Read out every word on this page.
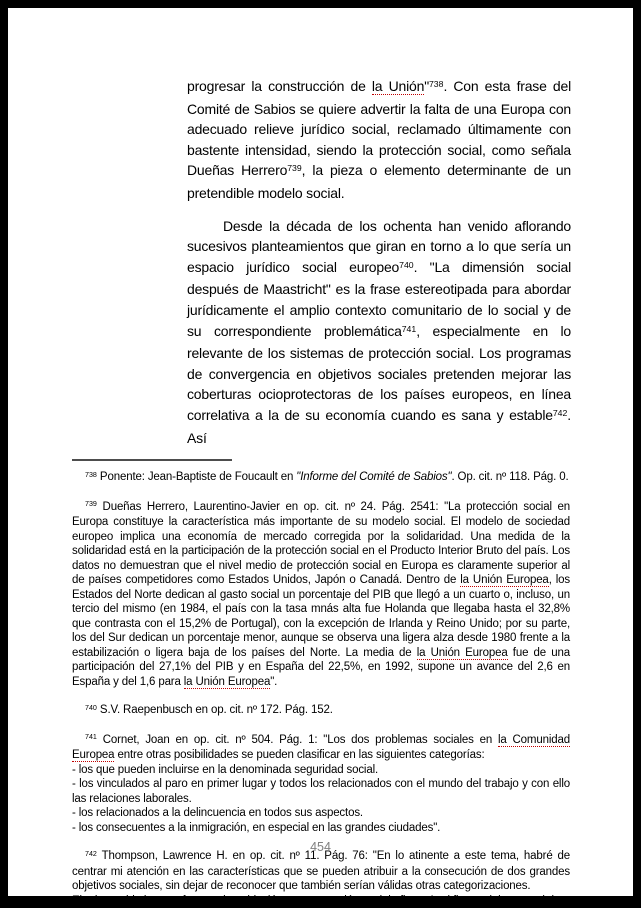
progresar la construcción de la Unión"$^{738}$. Con esta frase del Comité de Sabios se quiere advertir la falta de una Europa con adecuado relieve jurídico social, reclamado últimamente con bastente intensidad, siendo la protección social, como señala Dueñas Herrero$^{739}$, la pieza o elemento determinante de un pretendible modelo social.

Desde la década de los ochenta han venido aflorando sucesivos planteamientos que giran en torno a lo que sería un espacio jurídico social europeo$^{740}$. "La dimensión social después de Maastricht" es la frase estereotipada para abordar jurídicamente el amplio contexto comunitario de lo social y de su correspondiente problemática$^{741}$, especialmente en lo relevante de los sistemas de protección social. Los programas de convergencia en objetivos sociales pretenden mejorar las coberturas ocioprotectoras de los países europeos, en línea correlativa a la de su economía cuando es sana y estable$^{742}$. Así

$^{738}$ Ponente: Jean-Baptiste de Foucault en "Informe del Comité de Sabios". Op. cit. nº 118. Pág. 0.

$^{739}$ Dueñas Herrero, Laurentino-Javier en op. cit. nº 24. Pág. 2541: "La protección social en Europa constituye la característica más importante de su modelo social. El modelo de sociedad europeo implica una economía de mercado corregida por la solidaridad. Una medida de la solidaridad está en la participación de la protección social en el Producto Interior Bruto del país. Los datos no demuestran que el nivel medio de protección social en Europa es claramente superior al de países competidores como Estados Unidos, Japón o Canadá. Dentro de la Unión Europea, los Estados del Norte dedican al gasto social un porcentaje del PIB que llegó a un cuarto o, incluso, un tercio del mismo (en 1984, el país con la tasa mnás alta fue Holanda que llegaba hasta el 32,8% que contrasta con el 15,2% de Portugal), con la excepción de Irlanda y Reino Unido; por su parte, los del Sur dedican un porcentaje menor, aunque se observa una ligera alza desde 1980 frente a la estabilización o ligera baja de los países del Norte. La media de la Unión Europea fue de una participación del 27,1% del PIB y en España del 22,5%, en 1992, supone un avance del 2,6 en España y del 1,6 para la Unión Europea".

$^{740}$ S.V. Raepenbusch en op. cit. nº 172. Pág. 152.

$^{741}$ Cornet, Joan en op. cit. nº 504. Pág. 1: "Los dos problemas sociales en la Comunidad Europea entre otras posibilidades se pueden clasificar en las siguientes categorías:
- los que pueden incluirse en la denominada seguridad social.
- los vinculados al paro en primer lugar y todos los relacionados con el mundo del trabajo y con ello las relaciones laborales.
- los relacionados a la delincuencia en todos sus aspectos.
- los consecuentes a la inmigración, en especial en las grandes ciudades".

$^{742}$ Thompson, Lawrence H. en op. cit. nº 11. Pág. 76: "En lo atinente a este tema, habré de centrar mi atención en las características que se pueden atribuir a la consecución de dos grandes objetivos sociales, sin dejar de reconocer que también serían válidas otras categorizaciones.
El primer objetivo es ofrecer a la población una protección social eficaz. A tal fin, se deben reunir las

454
